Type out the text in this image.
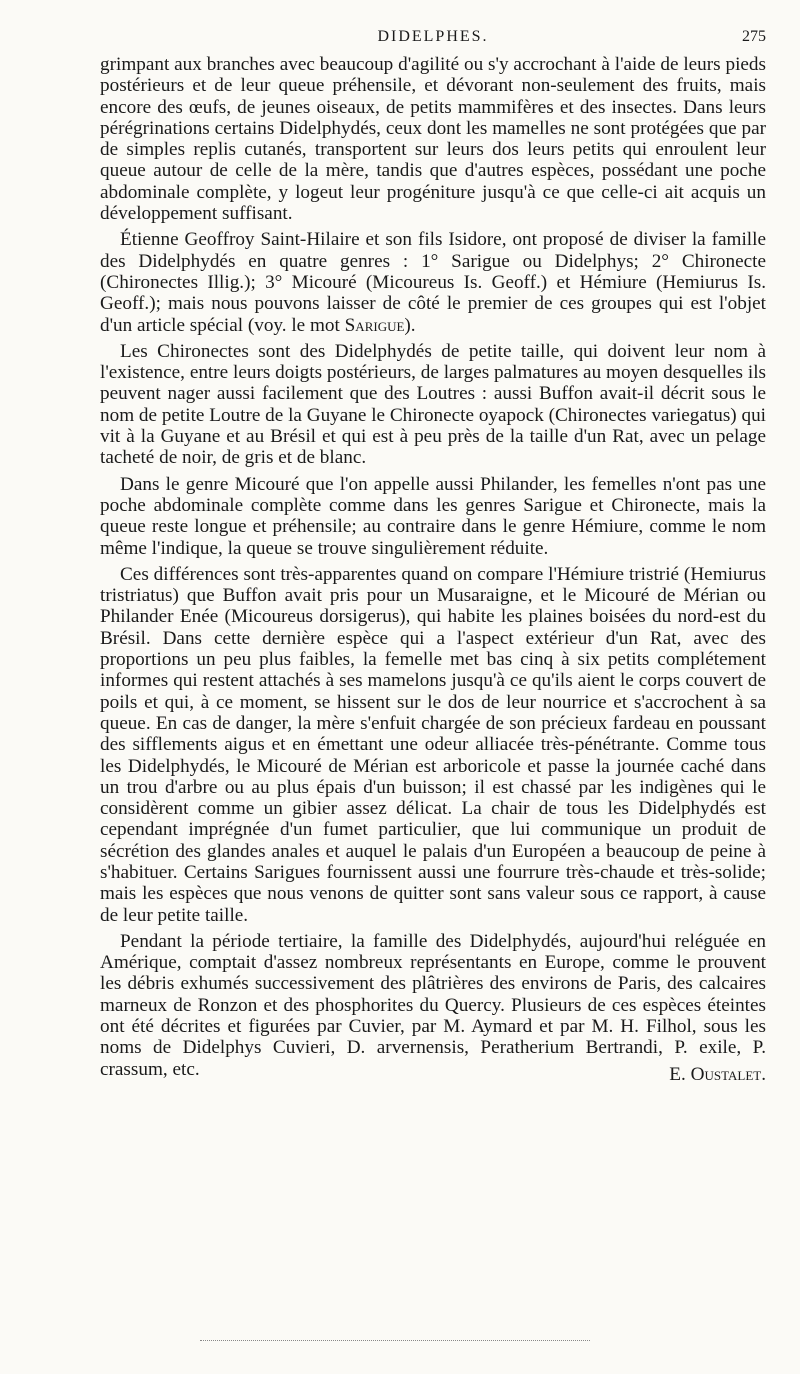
DIDELPHES.	275

grimpant aux branches avec beaucoup d'agilité ou s'y accrochant à l'aide de leurs pieds postérieurs et de leur queue préhensile, et dévorant non-seulement des fruits, mais encore des œufs, de jeunes oiseaux, de petits mammifères et des insectes. Dans leurs pérégrinations certains Didelphydés, ceux dont les mamelles ne sont protégées que par de simples replis cutanés, transportent sur leurs dos leurs petits qui enroulent leur queue autour de celle de la mère, tandis que d'autres espèces, possédant une poche abdominale complète, y logeut leur progéniture jusqu'à ce que celle-ci ait acquis un développement suffisant.

Étienne Geoffroy Saint-Hilaire et son fils Isidore, ont proposé de diviser la famille des Didelphydés en quatre genres : 1° Sarigue ou Didelphys; 2° Chironecte (Chironectes Illig.); 3° Micouré (Micoureus Is. Geoff.) et Hémiure (Hemiurus Is. Geoff.); mais nous pouvons laisser de côté le premier de ces groupes qui est l'objet d'un article spécial (voy. le mot Sarigue).

Les Chironectes sont des Didelphydés de petite taille, qui doivent leur nom à l'existence, entre leurs doigts postérieurs, de larges palmatures au moyen desquelles ils peuvent nager aussi facilement que des Loutres : aussi Buffon avait-il décrit sous le nom de petite Loutre de la Guyane le Chironecte oyapock (Chironectes variegatus) qui vit à la Guyane et au Brésil et qui est à peu près de la taille d'un Rat, avec un pelage tacheté de noir, de gris et de blanc.

Dans le genre Micouré que l'on appelle aussi Philander, les femelles n'ont pas une poche abdominale complète comme dans les genres Sarigue et Chironecte, mais la queue reste longue et préhensile; au contraire dans le genre Hémiure, comme le nom même l'indique, la queue se trouve singulièrement réduite.

Ces différences sont très-apparentes quand on compare l'Hémiure tristrié (Hemiurus tristriatus) que Buffon avait pris pour un Musaraigne, et le Micouré de Mérian ou Philander Enée (Micoureus dorsigerus), qui habite les plaines boisées du nord-est du Brésil. Dans cette dernière espèce qui a l'aspect extérieur d'un Rat, avec des proportions un peu plus faibles, la femelle met bas cinq à six petits complétement informes qui restent attachés à ses mamelons jusqu'à ce qu'ils aient le corps couvert de poils et qui, à ce moment, se hissent sur le dos de leur nourrice et s'accrochent à sa queue. En cas de danger, la mère s'enfuit chargée de son précieux fardeau en poussant des sifflements aigus et en émettant une odeur alliacée très-pénétrante. Comme tous les Didelphydés, le Micouré de Mérian est arboricole et passe la journée caché dans un trou d'arbre ou au plus épais d'un buisson; il est chassé par les indigènes qui le considèrent comme un gibier assez délicat. La chair de tous les Didelphydés est cependant imprégnée d'un fumet particulier, que lui communique un produit de sécrétion des glandes anales et auquel le palais d'un Européen a beaucoup de peine à s'habituer. Certains Sarigues fournissent aussi une fourrure très-chaude et très-solide; mais les espèces que nous venons de quitter sont sans valeur sous ce rapport, à cause de leur petite taille.

Pendant la période tertiaire, la famille des Didelphydés, aujourd'hui reléguée en Amérique, comptait d'assez nombreux représentants en Europe, comme le prouvent les débris exhumés successivement des plâtrières des environs de Paris, des calcaires marneux de Ronzon et des phosphorites du Quercy. Plusieurs de ces espèces éteintes ont été décrites et figurées par Cuvier, par M. Aymard et par M. H. Filhol, sous les noms de Didelphys Cuvieri, D. arvernensis, Peratherium Bertrandi, P. exile, P. crassum, etc.	E. Oustalet.
